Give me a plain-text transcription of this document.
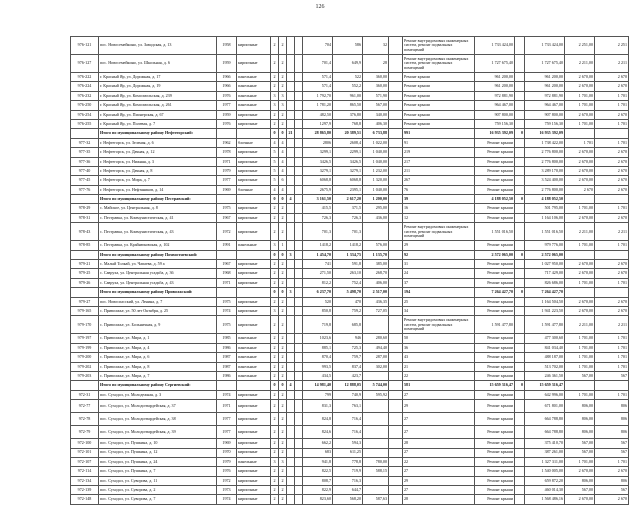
126
976-121	пос. Новосемейкино, ул. Заводская, д. 13	1958	кирпичные	2	2			704	586	32		Ремонт внутридомовых инженерных систем, ремонт подвальных помещений	1 733 424,00		1 733 424,00	2 251,00	2 251
976-127	пос. Новосемейкино, ул. Школьная, д. 6	1959	кирпичные	2	2			701,4	649,9	28		Ремонт внутридомовых инженерных систем, ремонт подвальных помещений	1 727 675,40		1 727 675,40	2 211,00	2 211
976-222	г. Красный Яр, ул. Дорожная, д. 17	1966	панельные	2	2			571,4	522	360,00		Ремонт крыши	961 200,00		961 200,00	2 670,00	2 670
976-224	г. Красный Яр, ул. Дорожная, д. 19	1966	панельные	2	2			571,4	552,2	360,00		Ремонт крыши	961 200,00		961 200,00	2 670,00	2 670
976-232	г. Красный Яр, ул. Комсомольская, д. 239	1976	панельные	3	3			1 792,70	961,00	571,90		Ремонт крыши	972 881,90		972 881,90	1 701,00	1 701
976-250	г. Красный Яр, ул. Комсомольская, д. 261	1977	панельные	3	3			1 781,20	865,50	567,00		Ремонт крыши	964 467,00		964 467,00	1 701,00	1 701
976-254	г. Красный Яр, ул. Пионерская, д. 67	1959	кирпичные	2	2			482,50	376,80	340,00		Ремонт крыши	907 800,00		907 800,00	2 670,00	2 670
976-255	г. Красный Яр, ул. Полевая, д. 7	1976	кирпичные	2	2			1297,9	768,8	406,30		Ремонт крыши	759 156,30		759 156,30	1 701,00	1 701
	Итого по муниципальному району Нефтегорский:			0	0	21		28 865,80	20 389,51	6 733,88		991	16 935 392,09	0	16 935 392,09		
977-32	г. Нефтегорск, ул. Зеленая, д. 6	1962	блочные	4	4			2806	2608,4	1 022,00		91	Ремонт крыши		1 738 422,00	1 701	1 701
977-35	г. Нефтегорск, ул. Дачная, д. 12	1978	кирпичные	5	4			3299,1	2299,1	1 040,00		219	Ремонт крыши		2 776 800,00	2 670,00	2 670
977-36	г. Нефтегорск, ул. Нижняя, д. 3	1971	кирпичные	5	4			3426,5	3426,5	1 040,00		217	Ремонт крыши		2 776 800,00	2 670,00	2 670
977-40	г. Нефтегорск, ул. Дачная, д. 8	1979	кирпичные	5	4			3279,1	3279,1	1 232,00		211	Ремонт крыши		3 289 170,00	2 670,00	2 670
977-45	г. Нефтегорск, ул. Мира, д. 7	1977	кирпичные	5	6			6068,8	6068,8	1 320,00		267	Ремонт крыши		3 524 400,00	2 670,00	2 670
977-76	г. Нефтегорск, ул. Нефтяников, д. 14	1969	блочные	4	4			2675,9	2395,1	1 040,00		76	Ремонт крыши		2 776 800,00	2 670	2 670
	Итого по муниципальному району Пестравский:			0	0	4		3 161,50	2 617,20	1 200,00		39	4 188 052,50	0	4 188 052,50		
978-29	с. Майское, ул. Центральная, д. 8	1975	кирпичные	2	2			415,5	371,5	295,00		16	Ремонт крыши		501 795,00	1 701,00	1 701
978-31	с. Пестравка, ул. Коммунистическая, д. 41	1967	кирпичные	2	2			726,3	726,3	436,00		12	Ремонт крыши		1 164 106,00	2 670,00	2 670
978-43	с. Пестравка, ул. Коммунистическая, д. 43	1972	кирпичные	2	2			701,3	701,3			Ремонт внутридомовых инженерных систем, ремонт подвальных помещений	1 551 016,50		1 551 016,50	2 211,00	2 211
978-85	с. Пестравка, ул. Крайнюковская, д. 102	1991	панельные	3	1			1418,2	1418,2	576,00		29	Ремонт крыши		979 776,00	1 701,00	1 701
	Итого по муниципальному району Похвистневский:			0	0	3		1 454,70	1 334,75	1 135,70		92	2 572 065,00	0	2 572 065,00		
979-21	с. Малый Толкай, ул. Чапаева, д. 59 а	1967	кирпичные	2	2			741	591,8	385,00		31	Ремонт крыши		1 027 950,00	2 670,00	2 670
979-25	с. Савруха, ул. Центральная усадьба, д. 36	1968	кирпичные	2	2			271,50	263,10	268,70		24	Ремонт крыши		717 429,00	2 670,00	2 670
979-26	с. Савруха, ул. Центральная усадьба, д. 43	1971	кирпичные	2	2			812,2	752,4	406,00		37	Ремонт крыши		826 686,00	1 701,00	1 701
	Итого по муниципальному району Приволжский:			0	0	3		6 237,70	5 498,70	2 517,00		194	7 264 427,70	0	7 264 427,70		
979-27	пос. Новоспасский, ул. Ленина, д. 7	1975	кирпичные	2	2			520	470	436,35		25	Ремонт крыши		1 164 504,50	2 670,00	2 670
979-165	с. Приволжье, ул. 50 лет Октября, д. 25	1974	кирпичные	3	2			850,8	759,2	727,05		34	Ремонт крыши		1 941 223,50	2 670,00	2 670
979-170	с. Приволжье, ул. Больничная, д. 9	1975	кирпичные	2	2			719,8	685,8			Ремонт внутридомовых инженерных систем, ремонт подвальных помещений	1 591 477,80		1 591 477,80	2 211,00	2 211
979-197	с. Приволжье, ул. Мира, д. 1	1985	панельные	2	2			1023,6	946	280,60		50	Ремонт крыши		477 300,60	1 701,00	1 701
979-199	с. Приволжье, ул. Мира, д. 4	1986	панельные	2	2			885,1	725,3	494,40		36	Ремонт крыши		841 034,40	1 701,00	1 701
979-200	с. Приволжье, ул. Мира, д. 6	1987	панельные	2	2			870,4	759,7	287,00		43	Ремонт крыши		488 187,00	1 701,00	1 701
979-202	с. Приволжье, ул. Мира, д. 8	1987	панельные	2	2			993,5	837,4	302,00		21	Ремонт крыши		513 702,00	1 701,00	1 701
979-203	с. Приволжье, ул. Мира, д. 7	1986	панельные	2	2			434,5	423,7			22	Ремонт крыши		246 361,50	567,00	567
	Итого по муниципальному району Сергиевский:			0	0	4		14 981,40	12 888,05	5 744,00		581	15 659 316,47	0	15 659 316,47		
972-31	пос. Суходол, ул. Молодежная, д. 3	1974	кирпичные	2	2			799	740,9	595,92		27	Ремонт крыши		642 996,00	1 701,00	1 701
972-77	пос. Суходол, ул. Молодогвардейская, д. 37	1971	кирпичные	2	2			831,3	763,1			29	Ремонт крыши		671 801,00	806,00	806
972-78	пос. Суходол, ул. Молодогвардейская, д. 38	1977	кирпичные	2	2			824,8	716,4			27	Ремонт крыши		664 788,80	806,00	806
972-79	пос. Суходол, ул. Молодогвардейская, д. 39	1977	кирпичные	2	2			824,6	716,4			27	Ремонт крыши		664 788,80	806,00	806
972-100	пос. Суходол, ул. Пушкина, д. 10	1969	кирпичные	2	2			662,2	594,3			28	Ремонт крыши		375 410,70	567,00	567
972-101	пос. Суходол, ул. Пушкина, д. 12	1970	кирпичные	2	2			683	611,25			27	Ремонт крыши		387 261,00	567,00	567
972-107	пос. Суходол, ул. Пушкина, д. 24	1979	панельные	3	3			941,8	778,8	780,00		22	Ремонт крыши		1 327 311,00	1 701,00	1 701
972-114	пос. Суходол, ул. Пушкина, д. 7	1976	кирпичные	2	2			822,5	719,9	588,15		27	Ремонт крыши		1 540 005,00	2 670,00	2 670
972-134	пос. Суходол, ул. Суворова, д. 11	1972	кирпичные	2	2			808,7	716,3			29	Ремонт крыши		659 872,20	806,00	806
972-139	пос. Суходол, ул. Суворова, д. 2	1973	кирпичные	2	2			822,9	644,7			27	Ремонт крыши		460 014,30	567,00	567
972-148	пос. Суходол, ул. Суворова, д. 7	1974	кирпичные	2	2			823,60	568,20	587,63		28	Ремонт крыши		1 568 486,16	2 670,00	2 670
